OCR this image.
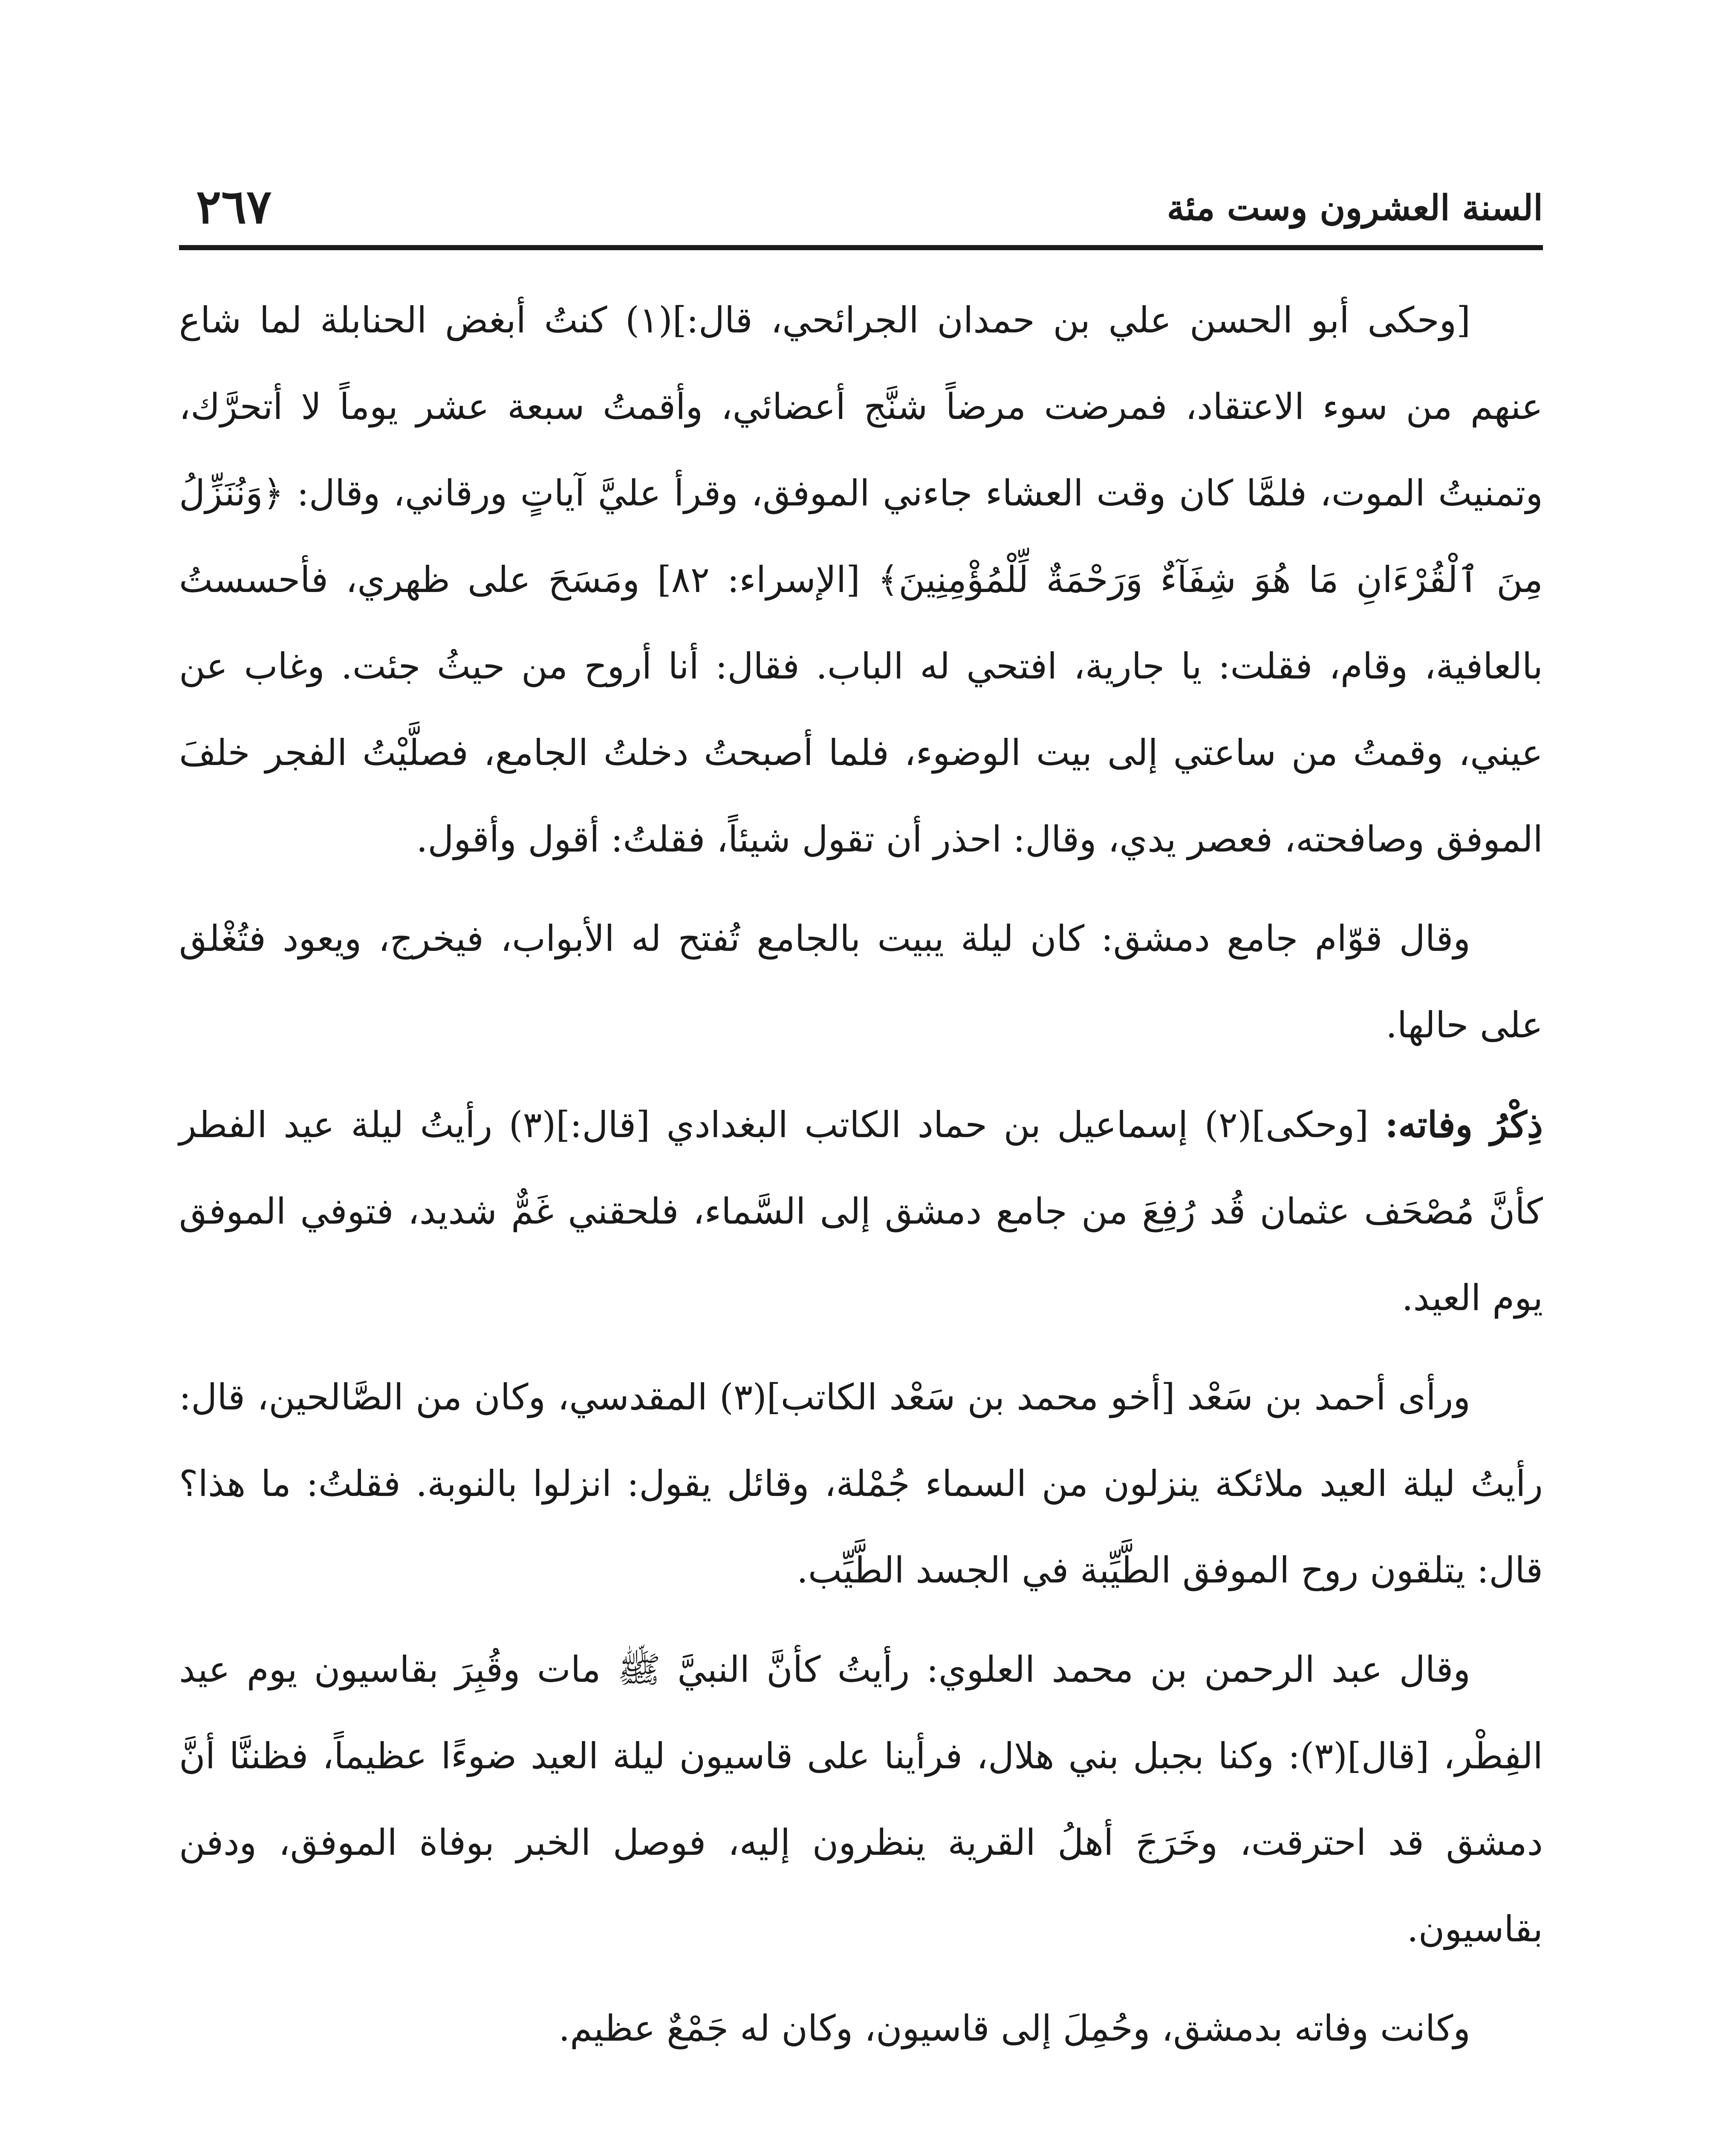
السنة العشرون وست مئة
٢٦٧

[وحكى أبو الحسن علي بن حمدان الجرائحي، قال:](١) كنتُ أبغض الحنابلة لما شاع عنهم من سوء الاعتقاد، فمرضت مرضاً شنَّج أعضائي، وأقمتُ سبعة عشر يوماً لا أتحرَّك، وتمنيتُ الموت، فلمَّا كان وقت العشاء جاءني الموفق، وقرأ عليَّ آياتٍ ورقاني، وقال: ﴿وَنُنَزِّلُ مِنَ ٱلْقُرْءَانِ مَا هُوَ شِفَآءٌ وَرَحْمَةٌ لِّلْمُؤْمِنِينَ﴾ [الإسراء: ٨٢] ومَسَحَ على ظهري، فأحسستُ بالعافية، وقام، فقلت: يا جارية، افتحي له الباب. فقال: أنا أروح من حيثُ جئت. وغاب عن عيني، وقمتُ من ساعتي إلى بيت الوضوء، فلما أصبحتُ دخلتُ الجامع، فصلَّيْتُ الفجر خلفَ الموفق وصافحته، فعصر يدي، وقال: احذر أن تقول شيئاً، فقلتُ: أقول وأقول.

وقال قوّام جامع دمشق: كان ليلة يبيت بالجامع تُفتح له الأبواب، فيخرج، ويعود فتُغْلق على حالها.

ذِكْرُ وفاته: [وحكى](٢) إسماعيل بن حماد الكاتب البغدادي [قال:](٣) رأيتُ ليلة عيد الفطر كأنَّ مُصْحَف عثمان قُد رُفِعَ من جامع دمشق إلى السَّماء، فلحقني غَمٌّ شديد، فتوفي الموفق يوم العيد.

ورأى أحمد بن سَعْد [أخو محمد بن سَعْد الكاتب](٣) المقدسي، وكان من الصَّالحين، قال: رأيتُ ليلة العيد ملائكة ينزلون من السماء جُمْلة، وقائل يقول: انزلوا بالنوبة. فقلتُ: ما هذا؟ قال: يتلقون روح الموفق الطَّيِّبة في الجسد الطَّيِّب.

وقال عبد الرحمن بن محمد العلوي: رأيتُ كأنَّ النبيَّ ﷺ مات وقُبِرَ بقاسيون يوم عيد الفِطْر، [قال](٣): وكنا بجبل بني هلال، فرأينا على قاسيون ليلة العيد ضوءًا عظيماً، فظننَّا أنَّ دمشق قد احترقت، وخَرَجَ أهلُ القرية ينظرون إليه، فوصل الخبر بوفاة الموفق، ودفن بقاسيون.

وكانت وفاته بدمشق، وحُمِلَ إلى قاسيون، وكان له جَمْعٌ عظيم.
